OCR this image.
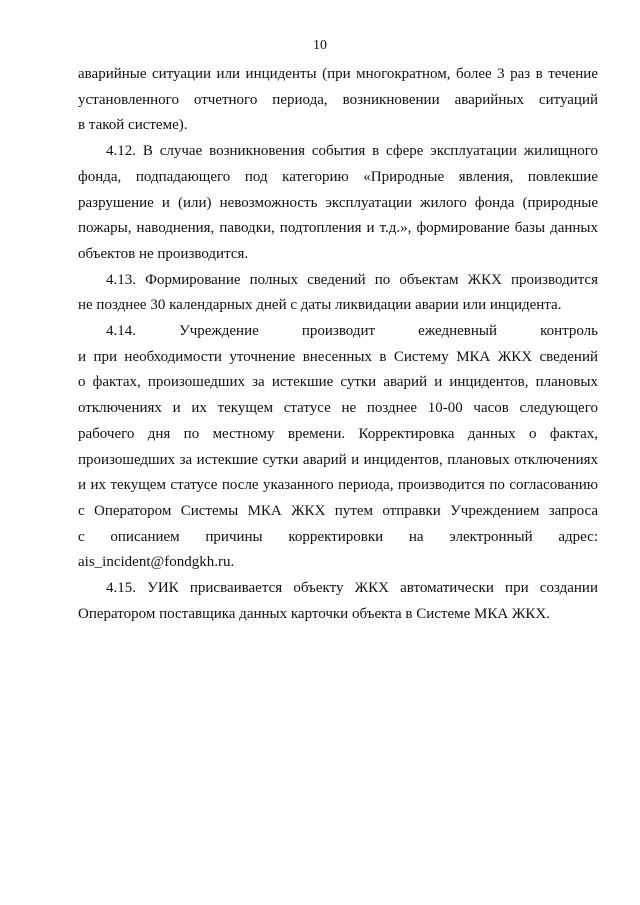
10

аварийные ситуации или инциденты (при многократном, более 3 раз в течение
установленного отчетного периода, возникновении аварийных ситуаций
в такой системе).

4.12. В случае возникновения события в сфере эксплуатации жилищного
фонда, подпадающего под категорию «Природные явления, повлекшие
разрушение и (или) невозможность эксплуатации жилого фонда (природные
пожары, наводнения, паводки, подтопления и т.д.», формирование базы данных
объектов не производится.

4.13. Формирование полных сведений по объектам ЖКХ производится
не позднее 30 календарных дней с даты ликвидации аварии или инцидента.

4.14. Учреждение производит ежедневный контроль
и при необходимости уточнение внесенных в Систему МКА ЖКХ сведений
о фактах, произошедших за истекшие сутки аварий и инцидентов, плановых
отключениях и их текущем статусе не позднее 10-00 часов следующего
рабочего дня по местному времени. Корректировка данных о фактах,
произошедших за истекшие сутки аварий и инцидентов, плановых отключениях
и их текущем статусе после указанного периода, производится по согласованию
с Оператором Системы МКА ЖКХ путем отправки Учреждением запроса
с описанием причины корректировки на электронный адрес:
ais_incident@fondgkh.ru.

4.15. УИК присваивается объекту ЖКХ автоматически при создании
Оператором поставщика данных карточки объекта в Системе МКА ЖКХ.
